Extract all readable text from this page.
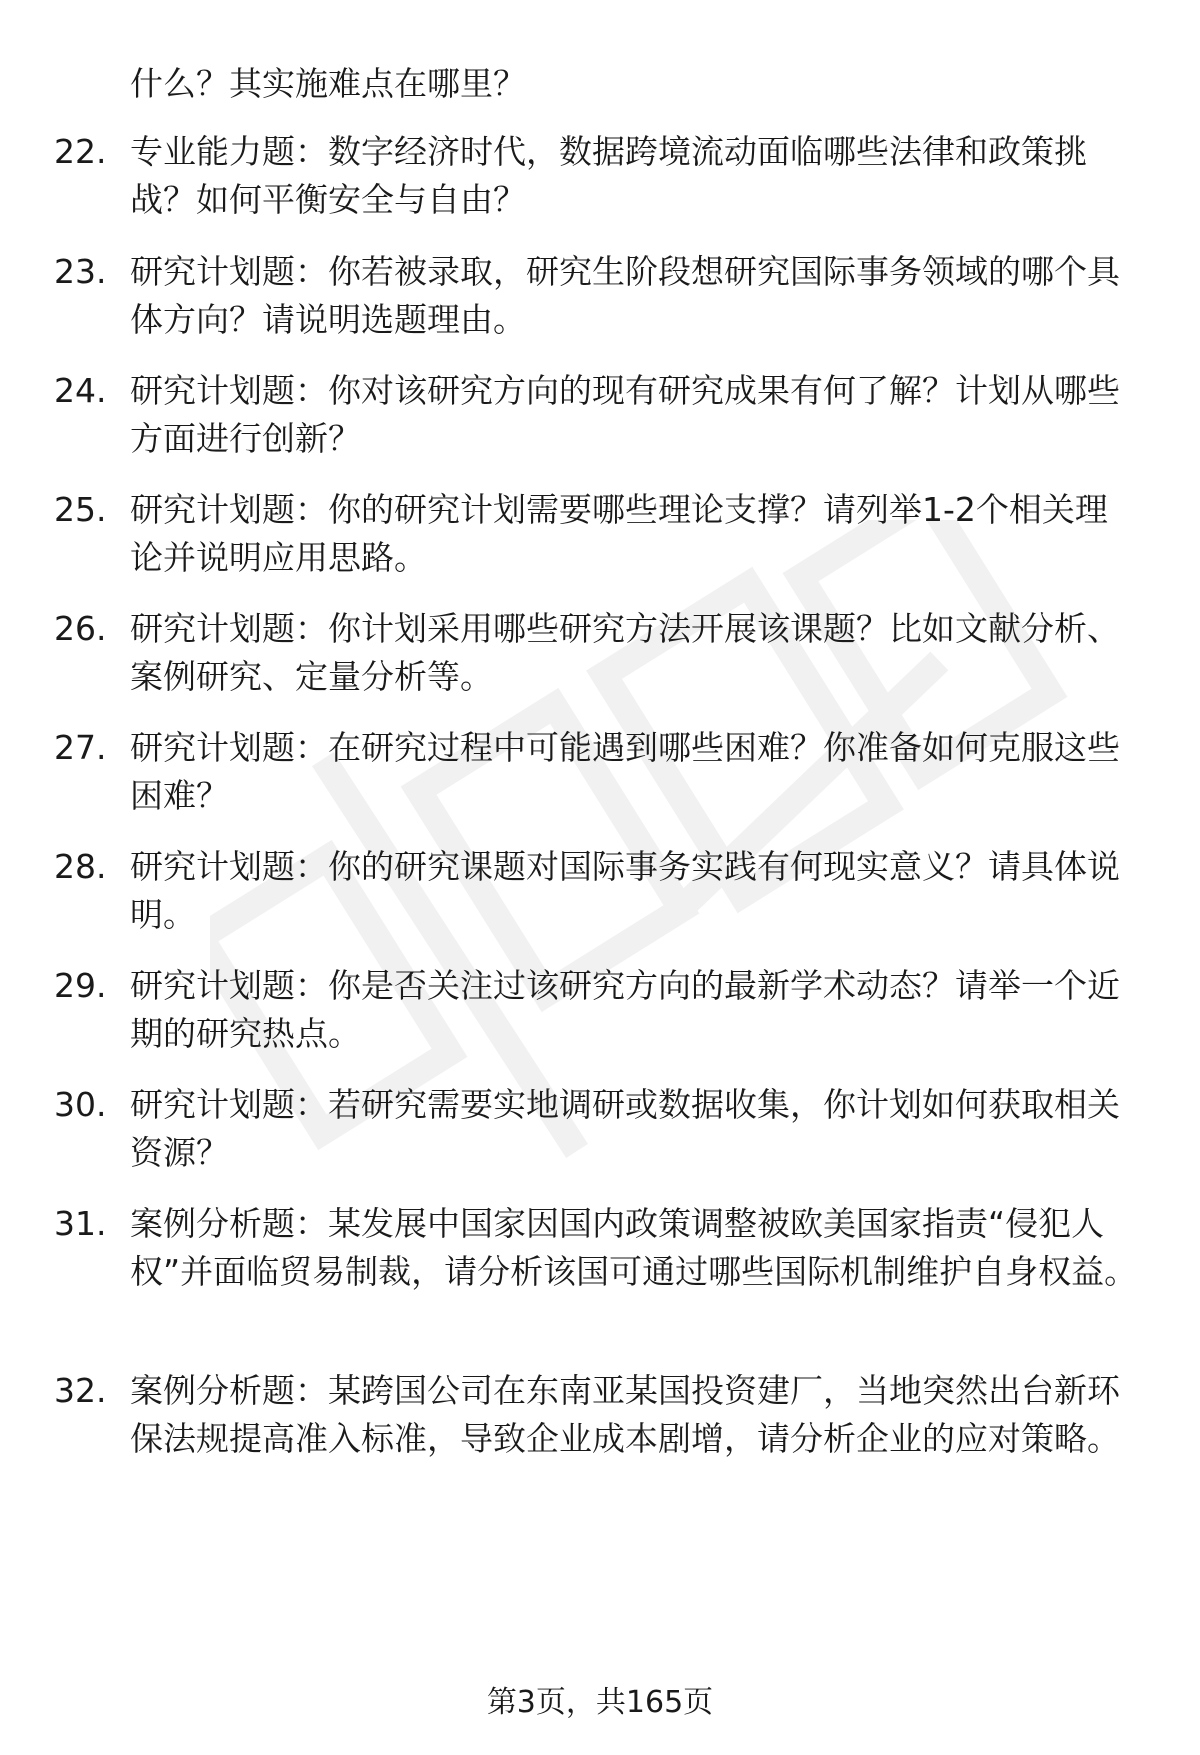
什么？其实施难点在哪里？

22. 专业能力题：数字经济时代，数据跨境流动面临哪些法律和政策挑战？如何平衡安全与自由？

23. 研究计划题：你若被录取，研究生阶段想研究国际事务领域的哪个具体方向？请说明选题理由。

24. 研究计划题：你对该研究方向的现有研究成果有何了解？计划从哪些方面进行创新？

25. 研究计划题：你的研究计划需要哪些理论支撑？请列举1-2个相关理论并说明应用思路。

26. 研究计划题：你计划采用哪些研究方法开展该课题？比如文献分析、案例研究、定量分析等。

27. 研究计划题：在研究过程中可能遇到哪些困难？你准备如何克服这些困难？

28. 研究计划题：你的研究课题对国际事务实践有何现实意义？请具体说明。

29. 研究计划题：你是否关注过该研究方向的最新学术动态？请举一个近期的研究热点。

30. 研究计划题：若研究需要实地调研或数据收集，你计划如何获取相关资源？

31. 案例分析题：某发展中国家因国内政策调整被欧美国家指责“侵犯人权”并面临贸易制裁，请分析该国可通过哪些国际机制维护自身权益。

32. 案例分析题：某跨国公司在东南亚某国投资建厂，当地突然出台新环保法规提高准入标准，导致企业成本剧增，请分析企业的应对策略。

第3页，共165页
